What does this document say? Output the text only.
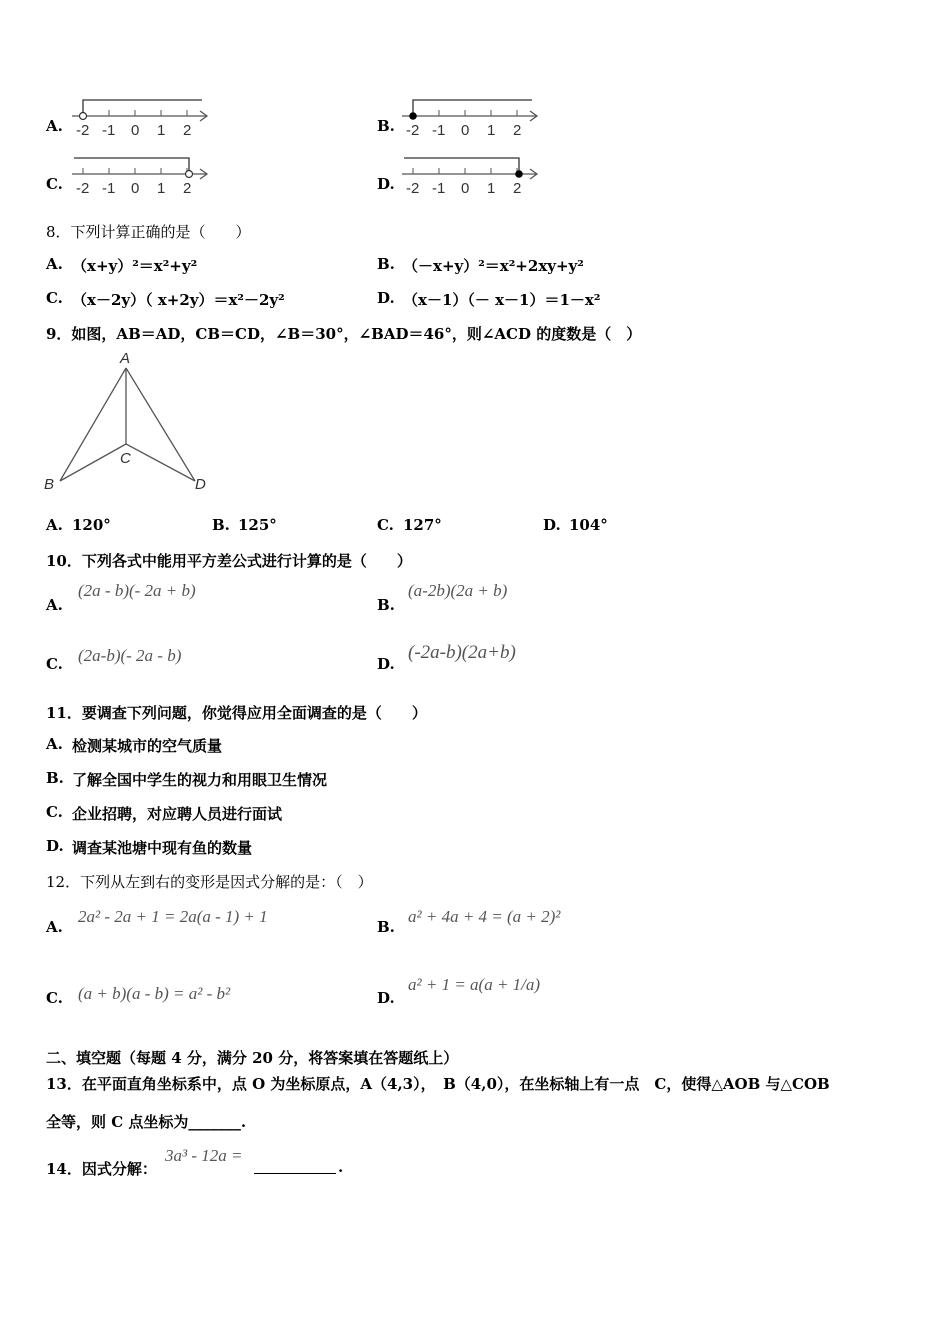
A. -2 -1 0 1 2	B. -2 -1 0 1 2
C. -2 -1 0 1 2	D. -2 -1 0 1 2
8．下列计算正确的是（　　）
A. （x+y）²＝x²+y²	B. （－x+y）²＝x²+2xy+y²
C. （x－2y）（ x+2y）＝x²－2y²	D. （x－1）（－ x－1）＝1－x²
9．如图，AB＝AD，CB＝CD，∠B＝30°，∠BAD＝46°，则∠ACD 的度数是（　）
A
B
C
D
A. 120°	B. 125°	C. 127°	D. 104°
10．下列各式中能用平方差公式进行计算的是（　　）
A.
(2a - b)(- 2a + b)
B.
(a-2b)(2a + b)
C. (2a-b)(- 2a - b)	D.
(-2a-b)(2a+b)
11．要调查下列问题，你觉得应用全面调查的是（　　）
A. 检测某城市的空气质量
B. 了解全国中学生的视力和用眼卫生情况
C. 企业招聘，对应聘人员进行面试
D. 调查某池塘中现有鱼的数量
12．下列从左到右的变形是因式分解的是：（　）
A.
2a² - 2a + 1 = 2a(a - 1) + 1
B.
a² + 4a + 4 = (a + 2)²
C. (a + b)(a - b) = a² - b²	D.
a² + 1 = a(a + 1/a)
二、填空题（每题 4 分，满分 20 分，将答案填在答题纸上）
13．在平面直角坐标系中，点 O 为坐标原点，A（4,3），　B（4,0），在坐标轴上有一点　C，使得△AOB 与△COB
全等，则 C 点坐标为_______.
14．因式分解：
3a³ - 12a =
.
